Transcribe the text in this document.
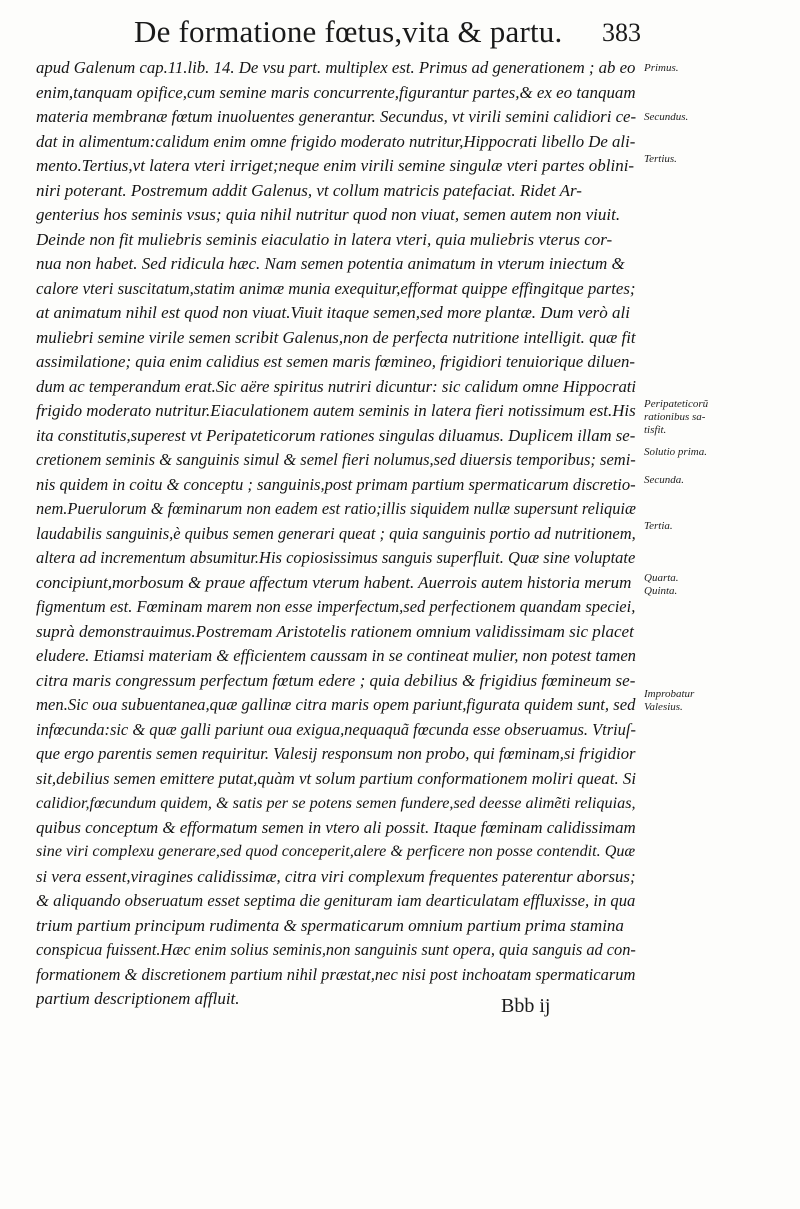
De formatione fœtus,vita & partu. 383
apud Galenum cap.11.lib. 14. De vsu part. multiplex est. Primus ad generationem ; ab eo
enim,tanquam opifice,cum semine maris concurrente,figurantur partes,& ex eo tanquam
materia membranæ fœtum inuoluentes generantur. Secundus, vt virili semini calidiori ce-
dat in alimentum:calidum enim omne frigido moderato nutritur,Hippocrati libello De ali-
mento.Tertius,vt latera vteri irriget;neque enim virili semine singulæ vteri partes oblini-
niri poterant. Postremum addit Galenus, vt collum matricis patefaciat. Ridet Ar-
genterius hos seminis vsus; quia nihil nutritur quod non viuat, semen autem non viuit.
Deinde non fit muliebris seminis eiaculatio in latera vteri, quia muliebris vterus cor-
nua non habet. Sed ridicula hæc. Nam semen potentia animatum in vterum iniectum &
calore vteri suscitatum,statim animæ munia exequitur,efformat quippe effingitque partes;
at animatum nihil est quod non viuat.Viuit itaque semen,sed more plantæ. Dum verò ali
muliebri semine virile semen scribit Galenus,non de perfecta nutritione intelligit. quæ fit
assimilatione; quia enim calidius est semen maris fœmineo, frigidiori tenuiorique diluen-
dum ac temperandum erat.Sic aëre spiritus nutriri dicuntur: sic calidum omne Hippocrati
frigido moderato nutritur.Eiaculationem autem seminis in latera fieri notissimum est.His
ita constitutis,superest vt Peripateticorum rationes singulas diluamus. Duplicem illam se-
cretionem seminis & sanguinis simul & semel fieri nolumus,sed diuersis temporibus; semi-
nis quidem in coitu & conceptu ; sanguinis,post primam partium spermaticarum discretio-
nem.Puerulorum & fœminarum non eadem est ratio;illis siquidem nullæ supersunt reliquiæ
laudabilis sanguinis,è quibus semen generari queat ; quia sanguinis portio ad nutritionem,
altera ad incrementum absumitur.His copiosissimus sanguis superfluit. Quæ sine voluptate
concipiunt,morbosum & praue affectum vterum habent. Auerrois autem historia merum
figmentum est. Fœminam marem non esse imperfectum,sed perfectionem quandam speciei,
suprà demonstrauimus.Postremam Aristotelis rationem omnium validissimam sic placet
eludere. Etiamsi materiam & efficientem caussam in se contineat mulier, non potest tamen
citra maris congressum perfectum fœtum edere ; quia debilius & frigidius fœmineum se-
men.Sic oua subuentanea,quæ gallinæ citra maris opem pariunt,figurata quidem sunt, sed
infœcunda:sic & quæ galli pariunt oua exigua,nequaquã fœcunda esse obseruamus. Vtriuſ-
que ergo parentis semen requiritur. Valesij responsum non probo, qui fœminam,si frigidior
sit,debilius semen emittere putat,quàm vt solum partium conformationem moliri queat. Si
calidior,fœcundum quidem, & satis per se potens semen fundere,sed deesse alimẽti reliquias,
quibus conceptum & efformatum semen in vtero ali possit. Itaque fœminam calidissimam
sine viri complexu generare,sed quod conceperit,alere & perficere non posse contendit. Quæ
si vera essent,viragines calidissimæ, citra viri complexum frequentes paterentur aborsus;
& aliquando obseruatum esset septima die genituram iam dearticulatam effluxisse, in qua
trium partium principum rudimenta & spermaticarum omnium partium prima stamina
conspicua fuissent.Hæc enim solius seminis,non sanguinis sunt opera, quia sanguis ad con-
formationem & discretionem partium nihil præstat,nec nisi post inchoatam spermaticarum
partium descriptionem affluit.
Primus.
Secundus.
Tertius.
Peripateticorũ
rationibus sa-
tisfit.
Solutio prima.
Secunda.
Tertia.
Quarta.
Quinta.
Improbatur
Valesius.
Bbb ij
